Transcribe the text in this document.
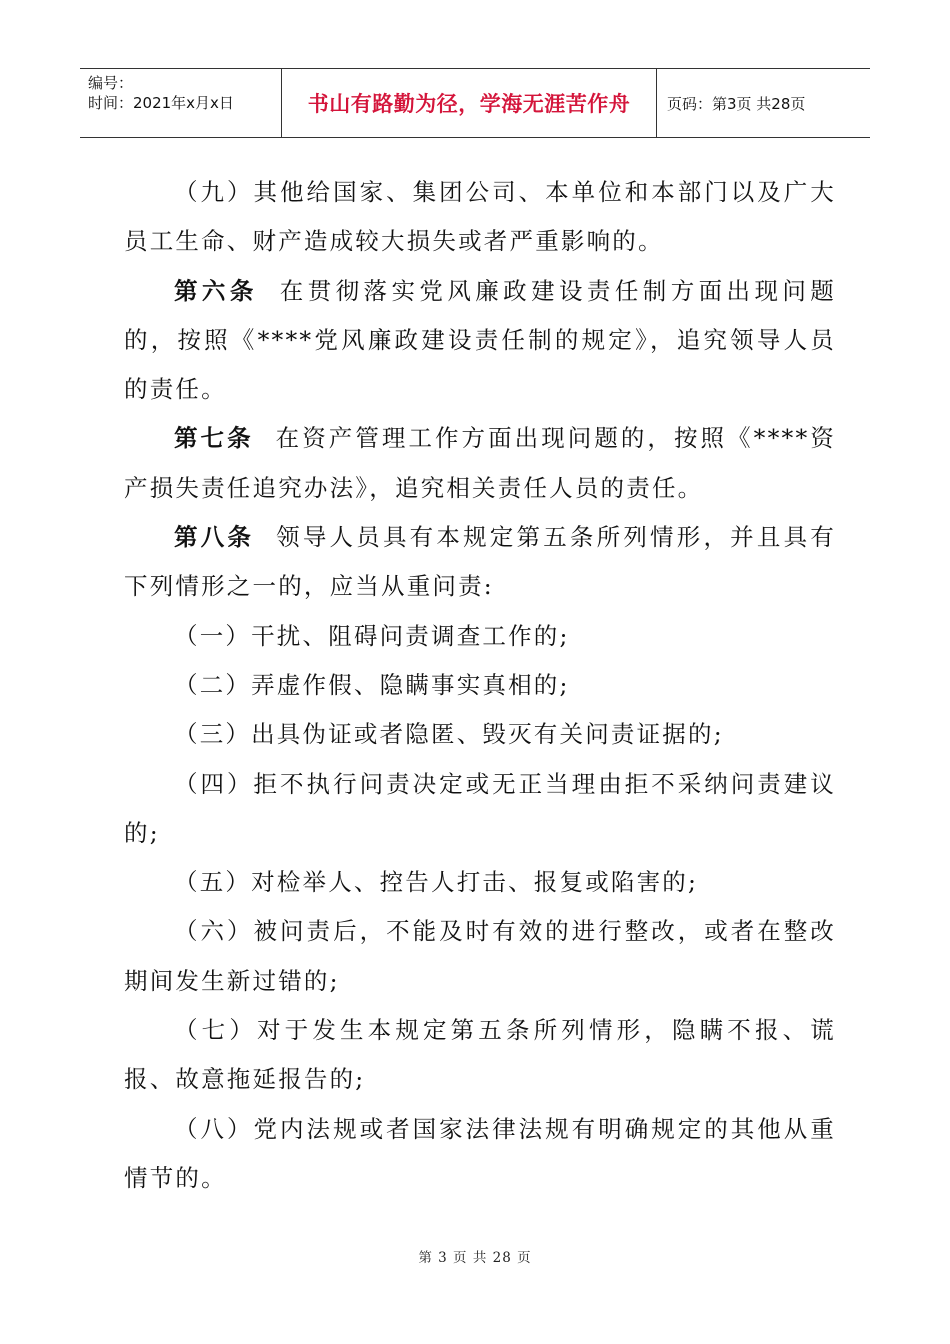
编号：
时间：2021年x月x日	书山有路勤为径，学海无涯苦作舟	页码：第3页 共28页

（九）其他给国家、集团公司、本单位和本部门以及广大员工生命、财产造成较大损失或者严重影响的。

第六条 在贯彻落实党风廉政建设责任制方面出现问题的，按照《****党风廉政建设责任制的规定》，追究领导人员的责任。

第七条 在资产管理工作方面出现问题的，按照《****资产损失责任追究办法》，追究相关责任人员的责任。

第八条 领导人员具有本规定第五条所列情形，并且具有下列情形之一的，应当从重问责:

（一）干扰、阻碍问责调查工作的;

（二）弄虚作假、隐瞒事实真相的;

（三）出具伪证或者隐匿、毁灭有关问责证据的;

（四）拒不执行问责决定或无正当理由拒不采纳问责建议的;

（五）对检举人、控告人打击、报复或陷害的;

（六）被问责后，不能及时有效的进行整改，或者在整改期间发生新过错的;

（七）对于发生本规定第五条所列情形，隐瞒不报、谎报、故意拖延报告的;

（八）党内法规或者国家法律法规有明确规定的其他从重情节的。

第 3 页 共 28 页
